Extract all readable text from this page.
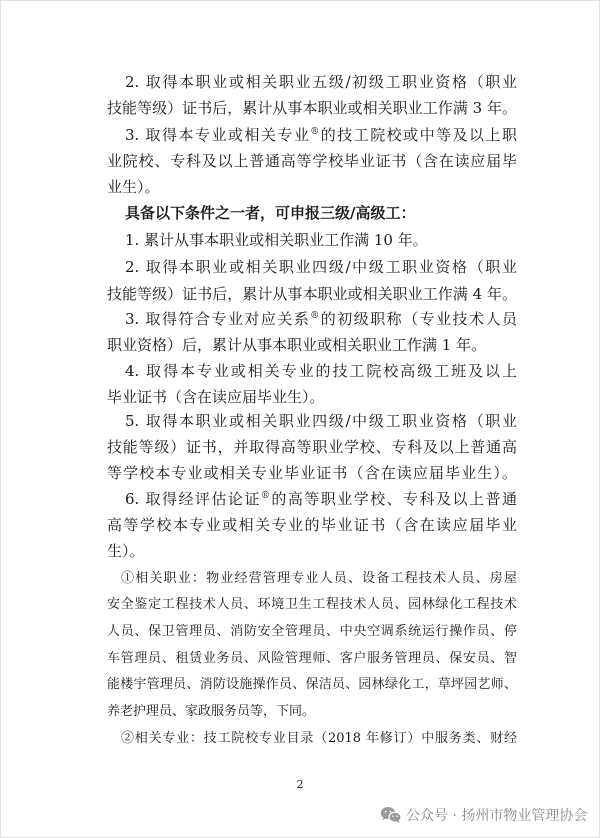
2. 取得本职业或相关职业五级/初级工职业资格（职业
技能等级）证书后，累计从事本职业或相关职业工作满 3 年。
3. 取得本专业或相关专业®的技工院校或中等及以上职
业院校、专科及以上普通高等学校毕业证书（含在读应届毕
业生）。
具备以下条件之一者，可申报三级/高级工：
1. 累计从事本职业或相关职业工作满 10 年。
2. 取得本职业或相关职业四级/中级工职业资格（职业
技能等级）证书后，累计从事本职业或相关职业工作满 4 年。
3. 取得符合专业对应关系®的初级职称（专业技术人员
职业资格）后，累计从事本职业或相关职业工作满 1 年。
4. 取得本专业或相关专业的技工院校高级工班及以上
毕业证书（含在读应届毕业生）。
5. 取得本职业或相关职业四级/中级工职业资格（职业
技能等级）证书，并取得高等职业学校、专科及以上普通高
等学校本专业或相关专业毕业证书（含在读应届毕业生）。
6. 取得经评估论证®的高等职业学校、专科及以上普通
高等学校本专业或相关专业的毕业证书（含在读应届毕业
生）。
①相关职业：物业经营管理专业人员、设备工程技术人员、房屋
安全鉴定工程技术人员、环境卫生工程技术人员、园林绿化工程技术
人员、保卫管理员、消防安全管理员、中央空调系统运行操作员、停
车管理员、租赁业务员、风险管理师、客户服务管理员、保安员、智
能楼宇管理员、消防设施操作员、保洁员、园林绿化工，草坪园艺师、
养老护理员、家政服务员等，下同。
②相关专业：技工院校专业目录（2018 年修订）中服务类、财经
2
公众号 · 扬州市物业管理协会
